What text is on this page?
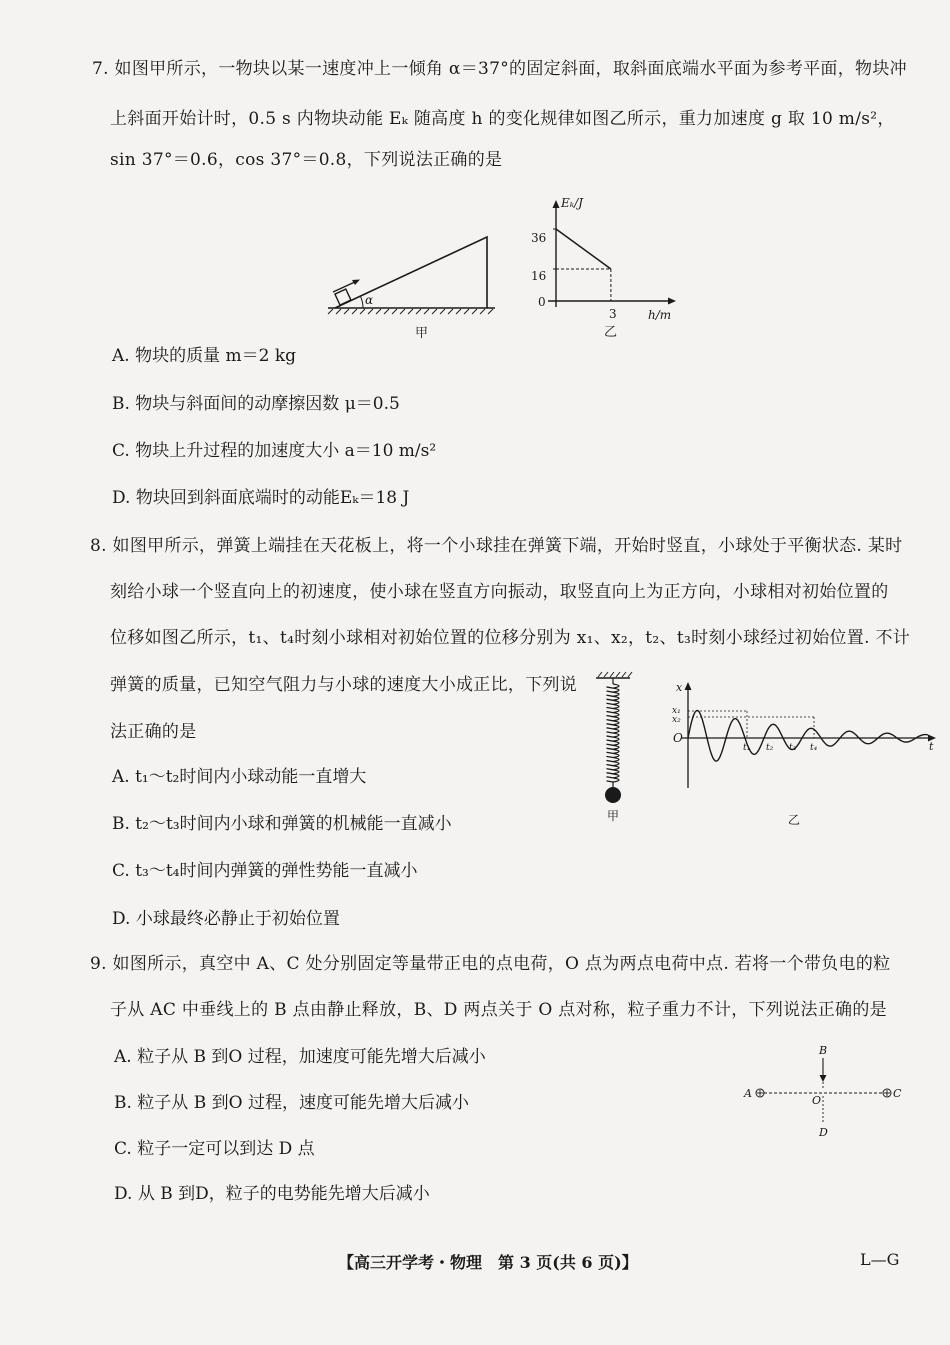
7. 如图甲所示，一物块以某一速度冲上一倾角 α＝37°的固定斜面，取斜面底端水平面为参考平面，物块冲
上斜面开始计时，0.5 s 内物块动能 Eₖ 随高度 h 的变化规律如图乙所示，重力加速度 g 取 10 m/s²，
sin 37°＝0.6，cos 37°＝0.8，下列说法正确的是
α
甲
Eₖ/J
h/m
0
36
16
3
乙
A. 物块的质量 m＝2 kg
B. 物块与斜面间的动摩擦因数 μ＝0.5
C. 物块上升过程的加速度大小 a＝10 m/s²
D. 物块回到斜面底端时的动能Eₖ＝18 J
8. 如图甲所示，弹簧上端挂在天花板上，将一个小球挂在弹簧下端，开始时竖直，小球处于平衡状态. 某时
刻给小球一个竖直向上的初速度，使小球在竖直方向振动，取竖直向上为正方向，小球相对初始位置的
位移如图乙所示，t₁、t₄时刻小球相对初始位置的位移分别为 x₁、x₂，t₂、t₃时刻小球经过初始位置. 不计
弹簧的质量，已知空气阻力与小球的速度大小成正比，下列说
法正确的是
甲
x
t
O
x₁
x₂
t₁ t₂ t₃ t₄
乙
A. t₁～t₂时间内小球动能一直增大
B. t₂～t₃时间内小球和弹簧的机械能一直减小
C. t₃～t₄时间内弹簧的弹性势能一直减小
D. 小球最终必静止于初始位置
9. 如图所示，真空中 A、C 处分别固定等量带正电的点电荷，O 点为两点电荷中点. 若将一个带负电的粒
子从 AC 中垂线上的 B 点由静止释放，B、D 两点关于 O 点对称，粒子重力不计，下列说法正确的是
B
A	C
O
D
A. 粒子从 B 到O 过程，加速度可能先增大后减小
B. 粒子从 B 到O 过程，速度可能先增大后减小
C. 粒子一定可以到达 D 点
D. 从 B 到D，粒子的电势能先增大后减小
【高三开学考・物理　第 3 页(共 6 页)】	L—G
